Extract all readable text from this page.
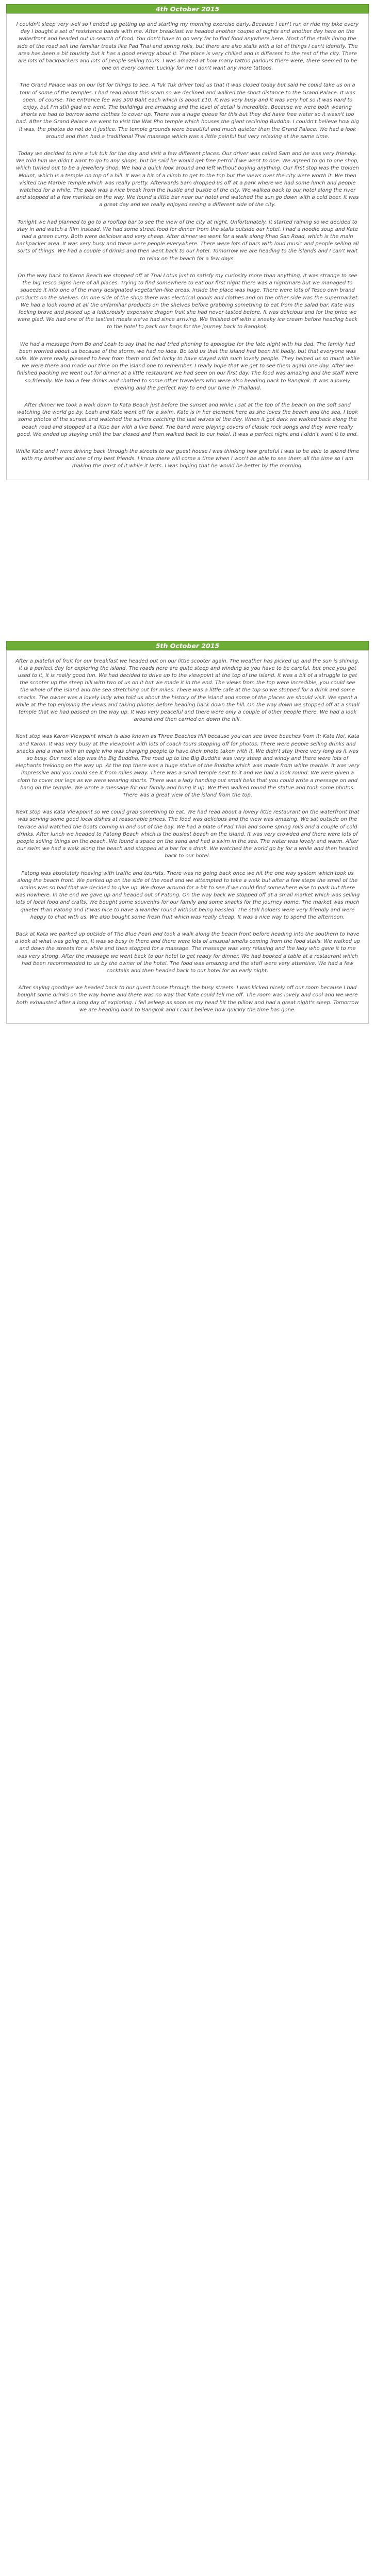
4th October 2015

I couldn't sleep very well so I ended up getting up and starting my morning exercise early. Because I can't run or ride my bike every day I bought a set of resistance bands with me. After breakfast we headed another couple of nights and another day here on the waterfront and headed out in search of food. You don't have to go very far to find food anywhere here. Most of the stalls lining the side of the road sell the familiar treats like Pad Thai and spring rolls, but there are also stalls with a lot of things I can't identify. The area has been a bit touristy but it has a good energy about it. The place is very chilled and is different to the rest of the city. There are lots of backpackers and lots of people selling tours. I was amazed at how many tattoo parlours there were, there seemed to be one on every corner. Luckily for me I don't want any more tattoos.

The Grand Palace was on our list for things to see. A Tuk Tuk driver told us that it was closed today but said he could take us on a tour of some of the temples. I had read about this scam so we declined and walked the short distance to the Grand Palace. It was open, of course. The entrance fee was 500 Baht each which is about £10. It was very busy and it was very hot so it was hard to enjoy, but I'm still glad we went. The buildings are amazing and the level of detail is incredible. Because we were both wearing shorts we had to borrow some clothes to cover up. There was a huge queue for this but they did have free water so it wasn't too bad. After the Grand Palace we went to visit the Wat Pho temple which houses the giant reclining Buddha. I couldn't believe how big it was, the photos do not do it justice. The temple grounds were beautiful and much quieter than the Grand Palace. We had a look around and then had a traditional Thai massage which was a little painful but very relaxing at the same time.

Today we decided to hire a tuk tuk for the day and visit a few different places. Our driver was called Sam and he was very friendly. We told him we didn't want to go to any shops, but he said he would get free petrol if we went to one. We agreed to go to one shop, which turned out to be a jewellery shop. We had a quick look around and left without buying anything. Our first stop was the Golden Mount, which is a temple on top of a hill. It was a bit of a climb to get to the top but the views over the city were worth it. We then visited the Marble Temple which was really pretty. Afterwards Sam dropped us off at a park where we had some lunch and people watched for a while. The park was a nice break from the hustle and bustle of the city. We walked back to our hotel along the river and stopped at a few markets on the way. We found a little bar near our hotel and watched the sun go down with a cold beer. It was a great day and we really enjoyed seeing a different side of the city.

Tonight we had planned to go to a rooftop bar to see the view of the city at night. Unfortunately, it started raining so we decided to stay in and watch a film instead. We had some street food for dinner from the stalls outside our hotel. I had a noodle soup and Kate had a green curry. Both were delicious and very cheap. After dinner we went for a walk along Khao San Road, which is the main backpacker area. It was very busy and there were people everywhere. There were lots of bars with loud music and people selling all sorts of things. We had a couple of drinks and then went back to our hotel. Tomorrow we are heading to the islands and I can't wait to relax on the beach for a few days.

On the way back to Karon Beach we stopped off at Thai Lotus just to satisfy my curiosity more than anything. It was strange to see the big Tesco signs here of all places. Trying to find somewhere to eat our first night there was a nightmare but we managed to squeeze it into one of the many designated vegetarian-like areas. Inside the place was huge. There were lots of Tesco own brand products on the shelves. On one side of the shop there was electrical goods and clothes and on the other side was the supermarket. We had a look round at all the unfamiliar products on the shelves before grabbing something to eat from the salad bar. Kate was feeling brave and picked up a ludicrously expensive dragon fruit she had never tasted before. It was delicious and for the price we were glad. We had one of the tastiest meals we've had since arriving. We finished off with a sneaky ice cream before heading back to the hotel to pack our bags for the journey back to Bangkok.

We had a message from Bo and Leah to say that he had tried phoning to apologise for the late night with his dad. The family had been worried about us because of the storm, we had no idea. Bo told us that the island had been hit badly, but that everyone was safe. We were really pleased to hear from them and felt lucky to have stayed with such lovely people. They helped us so much while we were there and made our time on the island one to remember. I really hope that we get to see them again one day. After we finished packing we went out for dinner at a little restaurant we had seen on our first day. The food was amazing and the staff were so friendly. We had a few drinks and chatted to some other travellers who were also heading back to Bangkok. It was a lovely evening and the perfect way to end our time in Thailand.

After dinner we took a walk down to Kata Beach just before the sunset and while I sat at the top of the beach on the soft sand watching the world go by, Leah and Kate went off for a swim. Kate is in her element here as she loves the beach and the sea. I took some photos of the sunset and watched the surfers catching the last waves of the day. When it got dark we walked back along the beach road and stopped at a little bar with a live band. The band were playing covers of classic rock songs and they were really good. We ended up staying until the bar closed and then walked back to our hotel. It was a perfect night and I didn't want it to end.

While Kate and I were driving back through the streets to our guest house I was thinking how grateful I was to be able to spend time with my brother and one of my best friends. I know there will come a time when I won't be able to see them all the time so I am making the most of it while it lasts. I was hoping that he would be better by the morning.

5th October 2015

After a plateful of fruit for our breakfast we headed out on our little scooter again. The weather has picked up and the sun is shining, it is a perfect day for exploring the island. The roads here are quite steep and winding so you have to be careful, but once you get used to it, it is really good fun. We had decided to drive up to the viewpoint at the top of the island. It was a bit of a struggle to get the scooter up the steep hill with two of us on it but we made it in the end. The views from the top were incredible, you could see the whole of the island and the sea stretching out for miles. There was a little cafe at the top so we stopped for a drink and some snacks. The owner was a lovely lady who told us about the history of the island and some of the places we should visit. We spent a while at the top enjoying the views and taking photos before heading back down the hill. On the way down we stopped off at a small temple that we had passed on the way up. It was very peaceful and there were only a couple of other people there. We had a look around and then carried on down the hill.

Next stop was Karon Viewpoint which is also known as Three Beaches Hill because you can see three beaches from it: Kata Noi, Kata and Karon. It was very busy at the viewpoint with lots of coach tours stopping off for photos. There were people selling drinks and snacks and a man with an eagle who was charging people to have their photo taken with it. We didn't stay there very long as it was so busy. Our next stop was the Big Buddha. The road up to the Big Buddha was very steep and windy and there were lots of elephants trekking on the way up. At the top there was a huge statue of the Buddha which was made from white marble. It was very impressive and you could see it from miles away. There was a small temple next to it and we had a look round. We were given a cloth to cover our legs as we were wearing shorts. There was a lady handing out small bells that you could write a message on and hang on the temple. We wrote a message for our family and hung it up. We then walked round the statue and took some photos. There was a great view of the island from the top.

Next stop was Kata Viewpoint so we could grab something to eat. We had read about a lovely little restaurant on the waterfront that was serving some good local dishes at reasonable prices. The food was delicious and the view was amazing. We sat outside on the terrace and watched the boats coming in and out of the bay. We had a plate of Pad Thai and some spring rolls and a couple of cold drinks. After lunch we headed to Patong Beach which is the busiest beach on the island. It was very crowded and there were lots of people selling things on the beach. We found a space on the sand and had a swim in the sea. The water was lovely and warm. After our swim we had a walk along the beach and stopped at a bar for a drink. We watched the world go by for a while and then headed back to our hotel.

Patong was absolutely heaving with traffic and tourists. There was no going back once we hit the one way system which took us along the beach front. We parked up on the side of the road and we attempted to take a walk but after a few steps the smell of the drains was so bad that we decided to give up. We drove around for a bit to see if we could find somewhere else to park but there was nowhere. In the end we gave up and headed out of Patong. On the way back we stopped off at a small market which was selling lots of local food and crafts. We bought some souvenirs for our family and some snacks for the journey home. The market was much quieter than Patong and it was nice to have a wander round without being hassled. The stall holders were very friendly and were happy to chat with us. We also bought some fresh fruit which was really cheap. It was a nice way to spend the afternoon.

Back at Kata we parked up outside of The Blue Pearl and took a walk along the beach front before heading into the southern to have a look at what was going on. It was so busy in there and there were lots of unusual smells coming from the food stalls. We walked up and down the streets for a while and then stopped for a massage. The massage was very relaxing and the lady who gave it to me was very strong. After the massage we went back to our hotel to get ready for dinner. We had booked a table at a restaurant which had been recommended to us by the owner of the hotel. The food was amazing and the staff were very attentive. We had a few cocktails and then headed back to our hotel for an early night.

After saying goodbye we headed back to our guest house through the busy streets. I was kicked nicely off our room because I had bought some drinks on the way home and there was no way that Kate could tell me off. The room was lovely and cool and we were both exhausted after a long day of exploring. I fell asleep as soon as my head hit the pillow and had a great night's sleep. Tomorrow we are heading back to Bangkok and I can't believe how quickly the time has gone.
